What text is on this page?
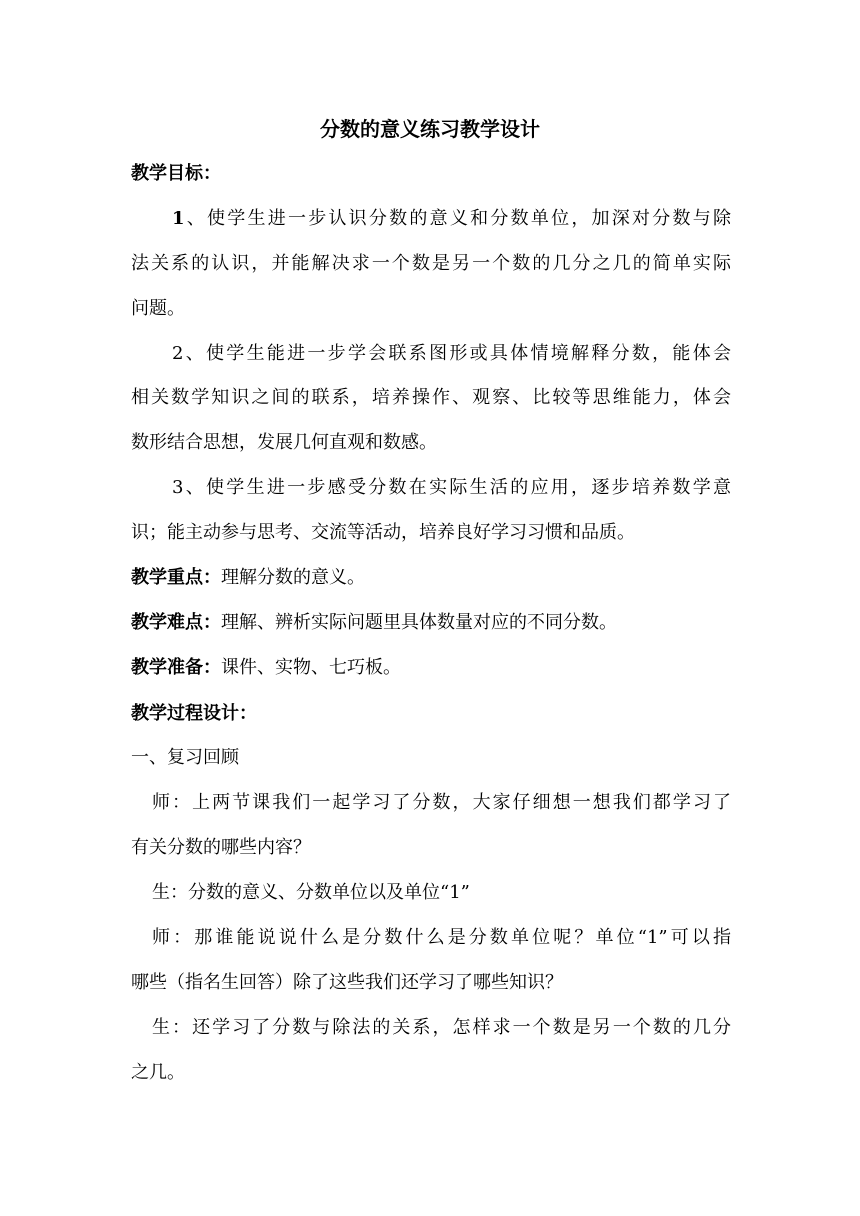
分数的意义练习教学设计
教学目标：
1、使学生进一步认识分数的意义和分数单位，加深对分数与除
法关系的认识，并能解决求一个数是另一个数的几分之几的简单实际
问题。
2、使学生能进一步学会联系图形或具体情境解释分数，能体会
相关数学知识之间的联系，培养操作、观察、比较等思维能力，体会
数形结合思想，发展几何直观和数感。
3、使学生进一步感受分数在实际生活的应用，逐步培养数学意
识；能主动参与思考、交流等活动，培养良好学习习惯和品质。
教学重点：理解分数的意义。
教学难点：理解、辨析实际问题里具体数量对应的不同分数。
教学准备：课件、实物、七巧板。
教学过程设计：
一、复习回顾
师：上两节课我们一起学习了分数，大家仔细想一想我们都学习了
有关分数的哪些内容？
生：分数的意义、分数单位以及单位“1”
师：那谁能说说什么是分数什么是分数单位呢？单位“1”可以指
哪些（指名生回答）除了这些我们还学习了哪些知识？
生：还学习了分数与除法的关系，怎样求一个数是另一个数的几分
之几。
